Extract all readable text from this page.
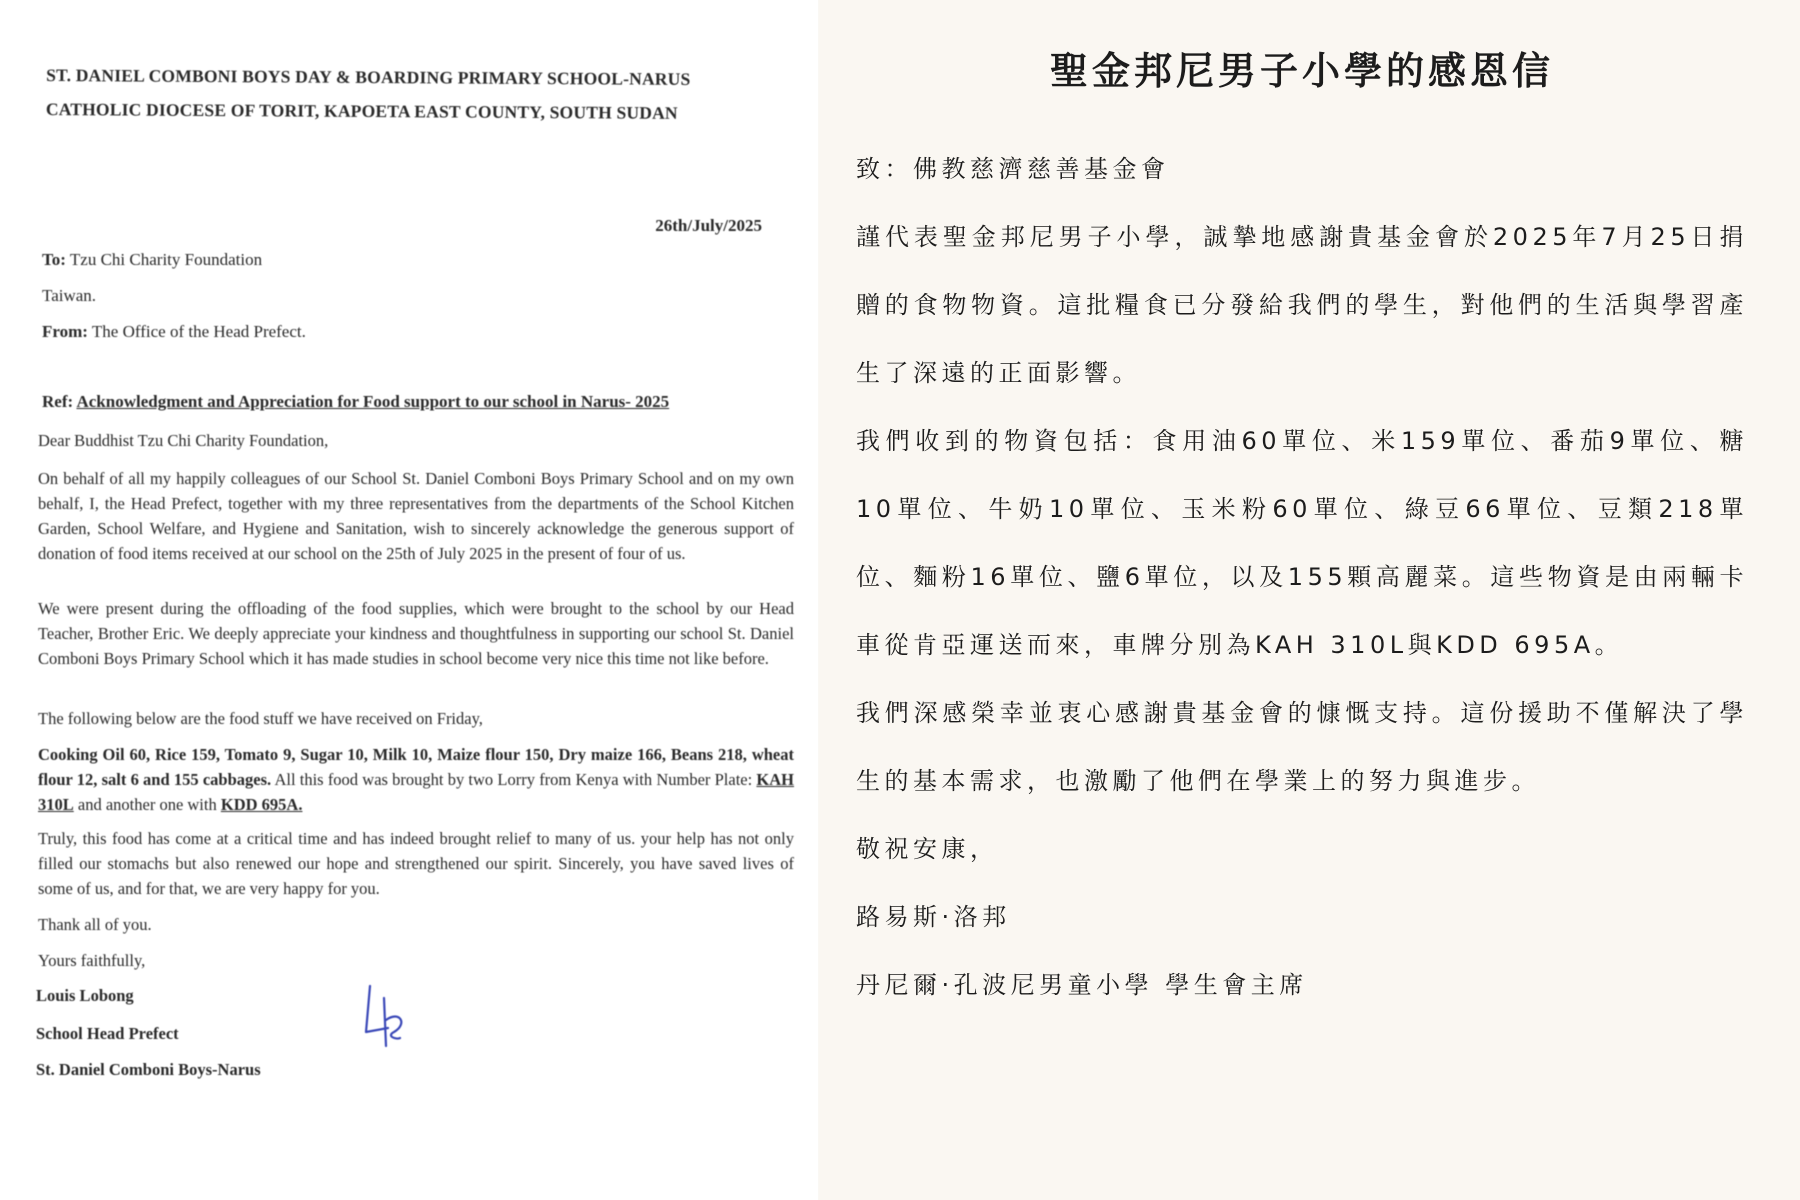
ST. DANIEL COMBONI BOYS DAY & BOARDING PRIMARY SCHOOL-NARUS
CATHOLIC DIOCESE OF TORIT, KAPOETA EAST COUNTY, SOUTH SUDAN
26th/July/2025
To: Tzu Chi Charity Foundation
Taiwan.
From: The Office of the Head Prefect.
Ref: Acknowledgment and Appreciation for Food support to our school in Narus- 2025
Dear Buddhist Tzu Chi Charity Foundation,
On behalf of all my happily colleagues of our School St. Daniel Comboni Boys Primary School and on my own behalf, I, the Head Prefect, together with my three representatives from the departments of the School Kitchen Garden, School Welfare, and Hygiene and Sanitation, wish to sincerely acknowledge the generous support of donation of food items received at our school on the 25th of July 2025 in the present of four of us.
We were present during the offloading of the food supplies, which were brought to the school by our Head Teacher, Brother Eric. We deeply appreciate your kindness and thoughtfulness in supporting our school St. Daniel Comboni Boys Primary School which it has made studies in school become very nice this time not like before.
The following below are the food stuff we have received on Friday,
Cooking Oil 60, Rice 159, Tomato 9, Sugar 10, Milk 10, Maize flour 150, Dry maize 166, Beans 218, wheat flour 12, salt 6 and 155 cabbages. All this food was brought by two Lorry from Kenya with Number Plate: KAH 310L and another one with KDD 695A.
Truly, this food has come at a critical time and has indeed brought relief to many of us. your help has not only filled our stomachs but also renewed our hope and strengthened our spirit. Sincerely, you have saved lives of some of us, and for that, we are very happy for you.
Thank all of you.
Yours faithfully,
Louis Lobong
School Head Prefect
St. Daniel Comboni Boys-Narus
聖金邦尼男子小學的感恩信

致：佛教慈濟慈善基金會

謹代表聖金邦尼男子小學，誠摯地感謝貴基金會於2025年7月25日捐贈的食物物資。這批糧食已分發給我們的學生，對他們的生活與學習產生了深遠的正面影響。

我們收到的物資包括：食用油60單位、米159單位、番茄9單位、糖10單位、牛奶10單位、玉米粉60單位、綠豆66單位、豆類218單位、麵粉16單位、鹽6單位，以及155顆高麗菜。這些物資是由兩輛卡車從肯亞運送而來，車牌分別為KAH 310L與KDD 695A。

我們深感榮幸並衷心感謝貴基金會的慷慨支持。這份援助不僅解決了學生的基本需求，也激勵了他們在學業上的努力與進步。

敬祝安康，

路易斯·洛邦

丹尼爾·孔波尼男童小學 學生會主席
